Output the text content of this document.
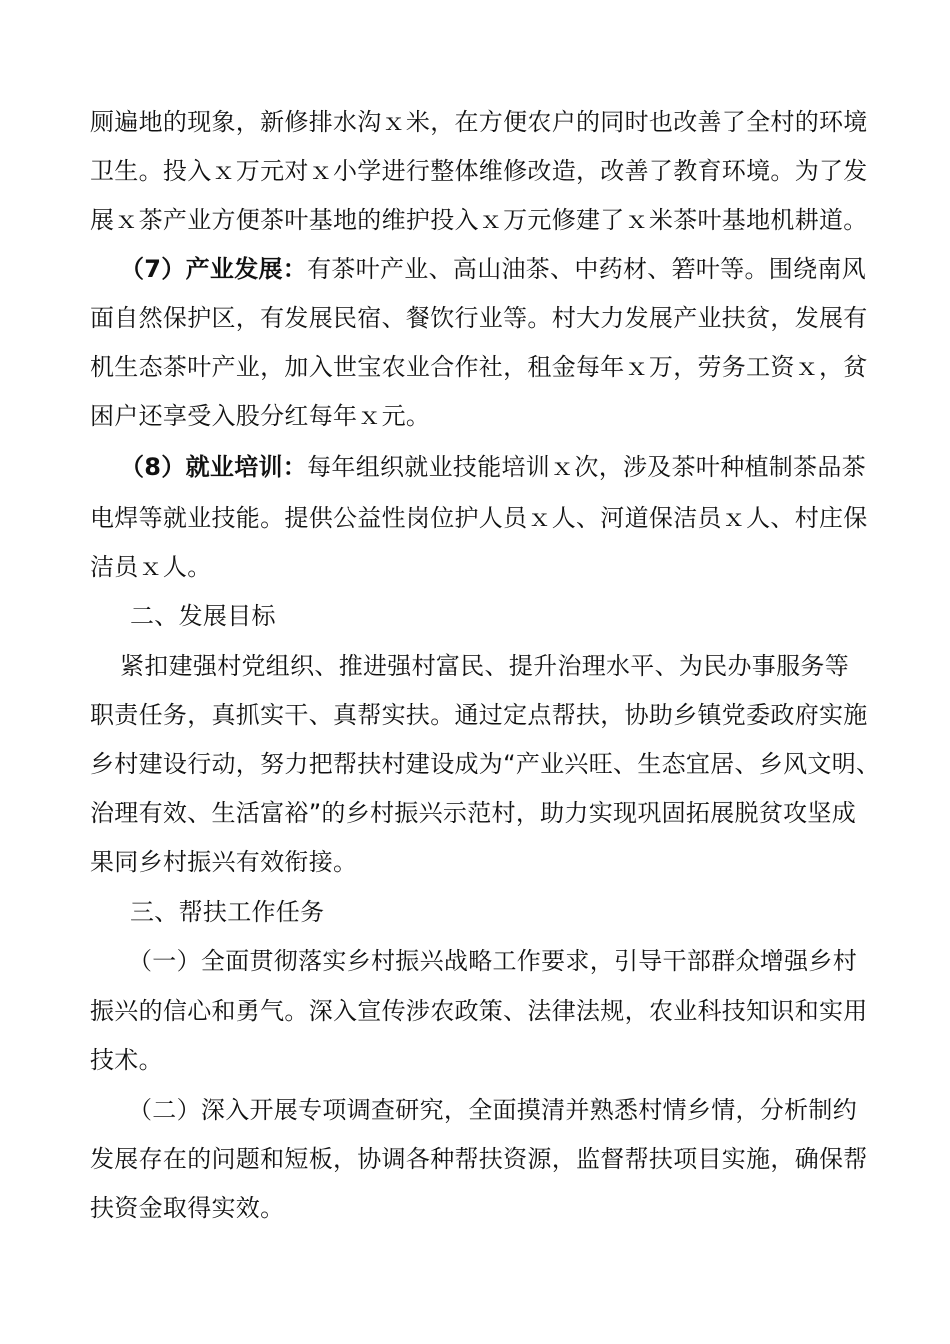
厕遍地的现象，新修排水沟ｘ米，在方便农户的同时也改善了全村的环境
卫生。投入ｘ万元对ｘ小学进行整体维修改造，改善了教育环境。为了发
展ｘ茶产业方便茶叶基地的维护投入ｘ万元修建了ｘ米茶叶基地机耕道。
（7）产业发展：有茶叶产业、高山油茶、中药材、箬叶等。围绕南风
面自然保护区，有发展民宿、餐饮行业等。村大力发展产业扶贫，发展有
机生态茶叶产业，加入世宝农业合作社，租金每年ｘ万，劳务工资ｘ，贫
困户还享受入股分红每年ｘ元。
（8）就业培训：每年组织就业技能培训ｘ次，涉及茶叶种植制茶品茶
电焊等就业技能。提供公益性岗位护人员ｘ人、河道保洁员ｘ人、村庄保
洁员ｘ人。
二、发展目标
紧扣建强村党组织、推进强村富民、提升治理水平、为民办事服务等
职责任务，真抓实干、真帮实扶。通过定点帮扶，协助乡镇党委政府实施
乡村建设行动，努力把帮扶村建设成为“产业兴旺、生态宜居、乡风文明、
治理有效、生活富裕”的乡村振兴示范村，助力实现巩固拓展脱贫攻坚成
果同乡村振兴有效衔接。
三、帮扶工作任务
（一）全面贯彻落实乡村振兴战略工作要求，引导干部群众增强乡村
振兴的信心和勇气。深入宣传涉农政策、法律法规，农业科技知识和实用
技术。
（二）深入开展专项调查研究，全面摸清并熟悉村情乡情，分析制约
发展存在的问题和短板，协调各种帮扶资源，监督帮扶项目实施，确保帮
扶资金取得实效。
